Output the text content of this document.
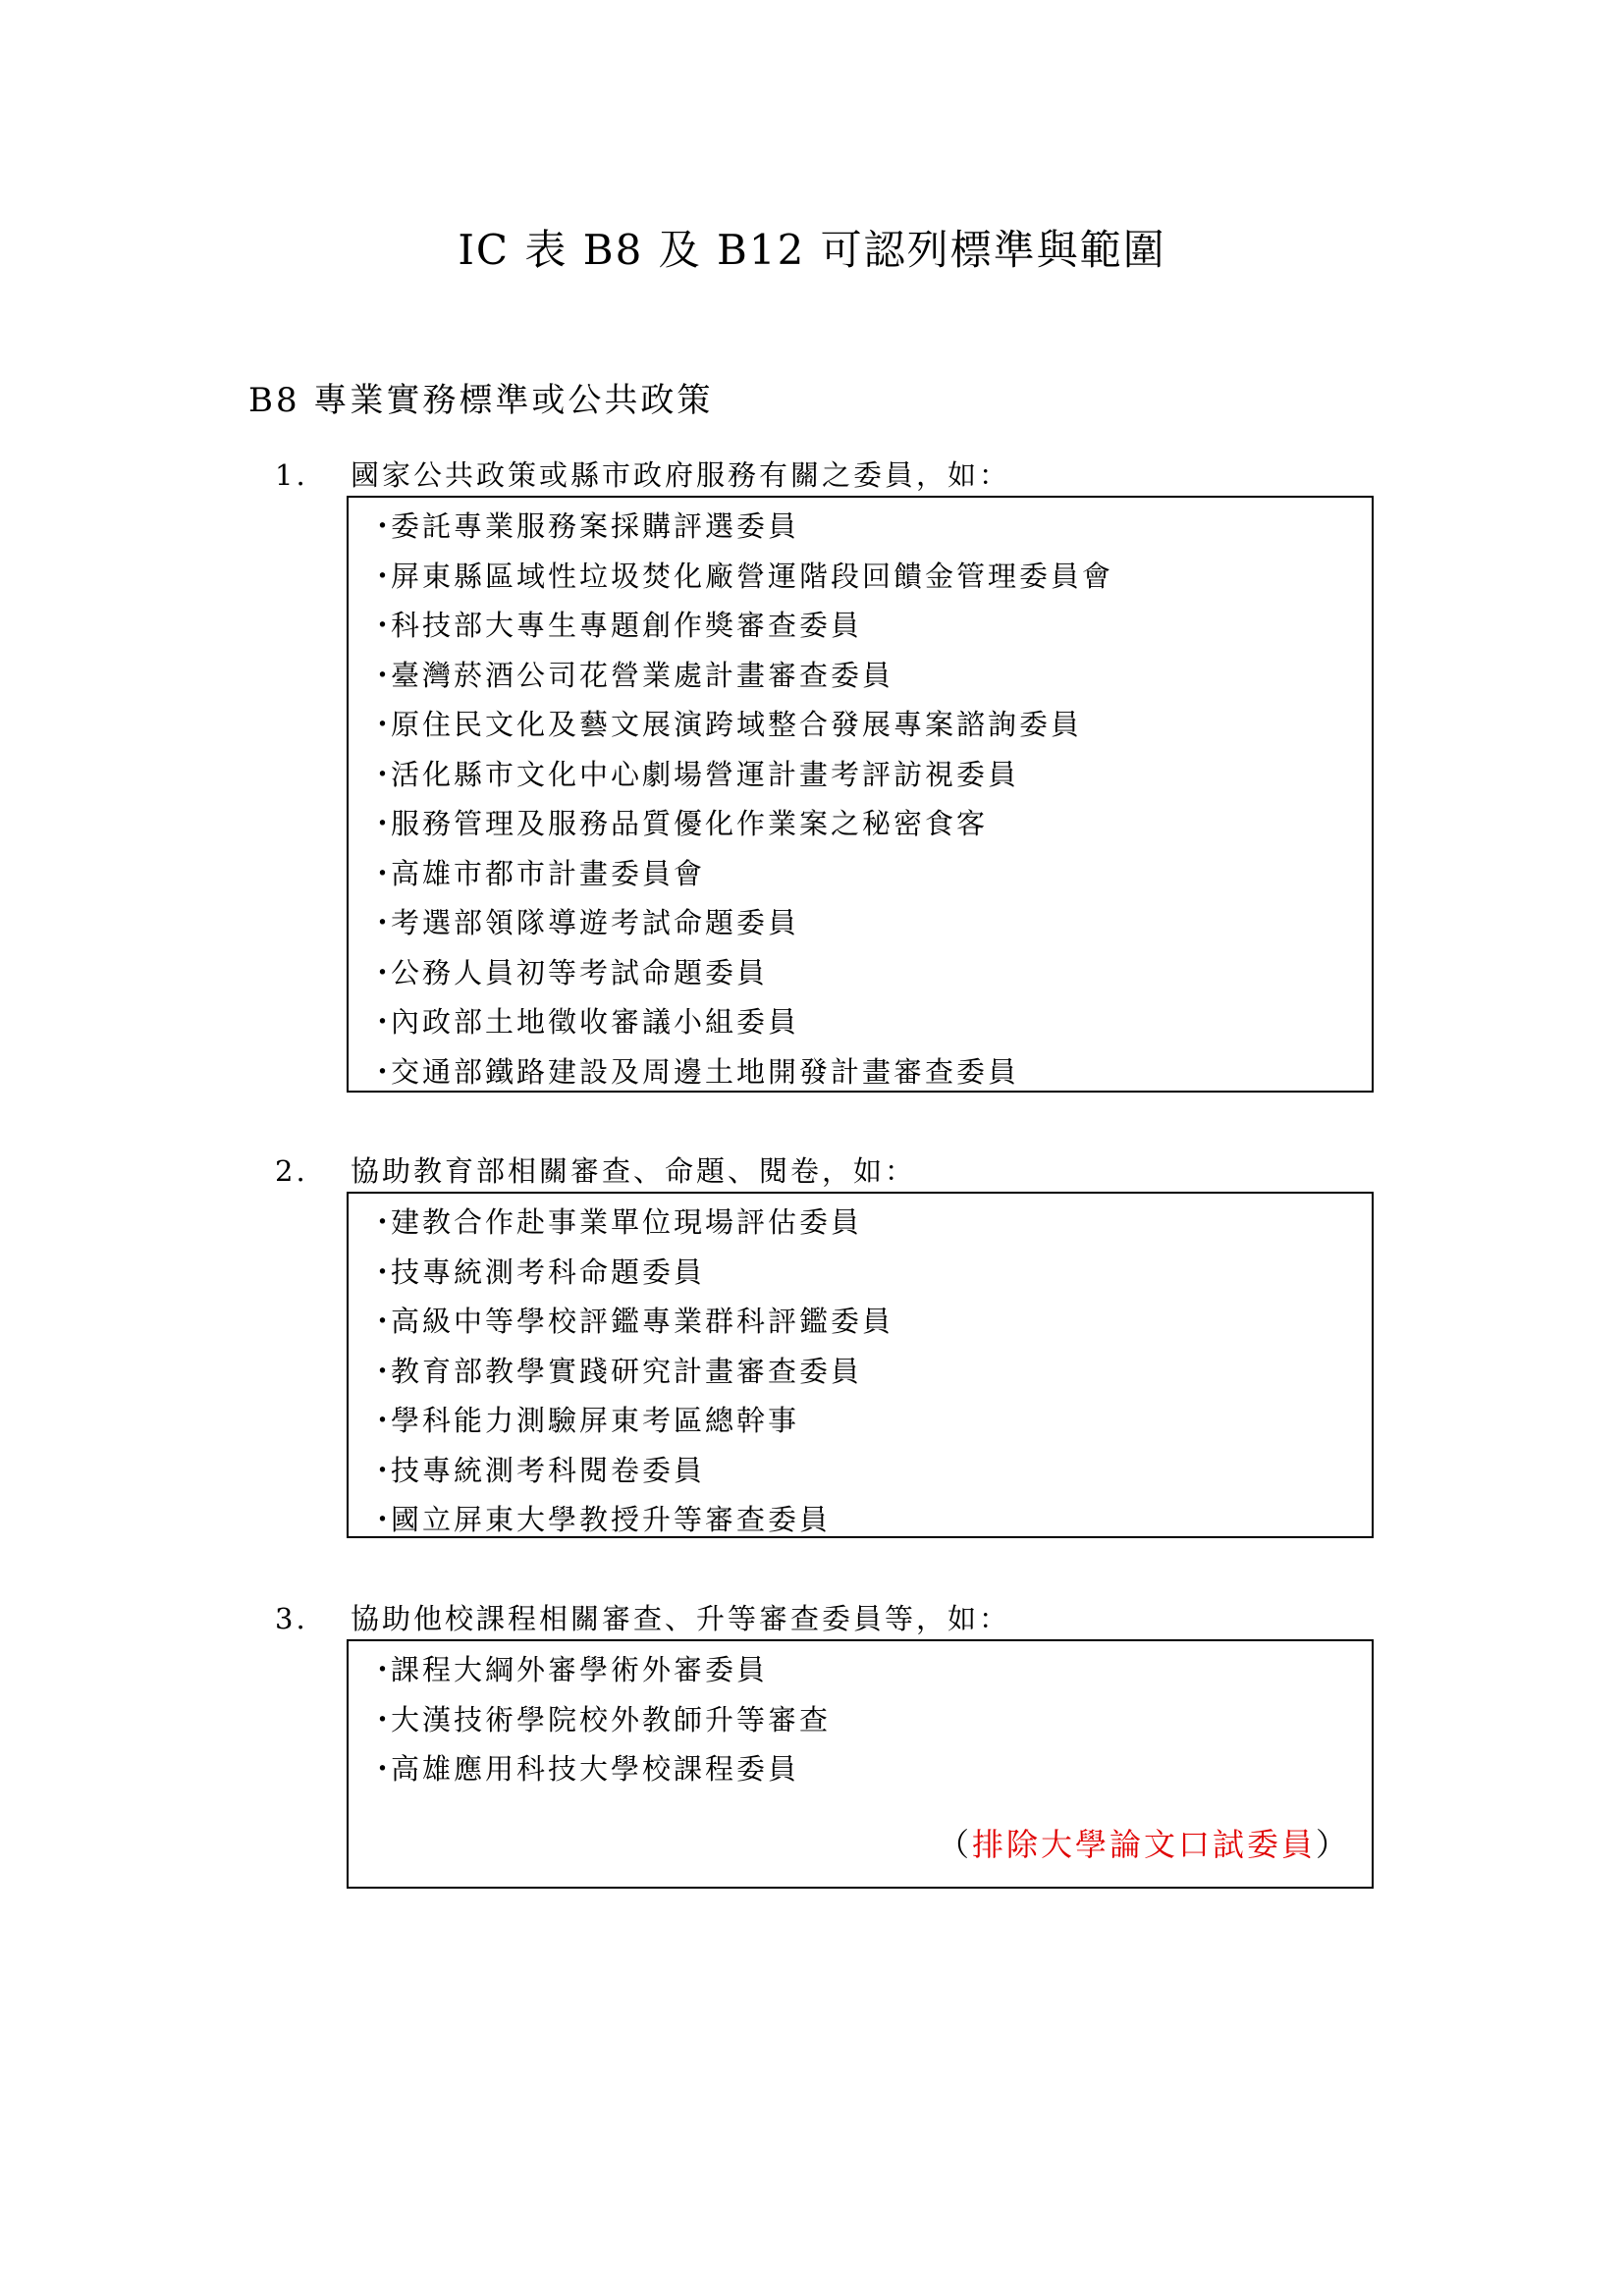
IC 表 B8 及 B12 可認列標準與範圍
B8 專業實務標準或公共政策
1.	國家公共政策或縣市政府服務有關之委員，如：
・委託專業服務案採購評選委員
・屏東縣區域性垃圾焚化廠營運階段回饋金管理委員會
・科技部大專生專題創作獎審查委員
・臺灣菸酒公司花營業處計畫審查委員
・原住民文化及藝文展演跨域整合發展專案諮詢委員
・活化縣市文化中心劇場營運計畫考評訪視委員
・服務管理及服務品質優化作業案之秘密食客
・高雄市都市計畫委員會
・考選部領隊導遊考試命題委員
・公務人員初等考試命題委員
・內政部土地徵收審議小組委員
・交通部鐵路建設及周邊土地開發計畫審查委員
2.	協助教育部相關審查、命題、閱卷，如：
・建教合作赴事業單位現場評估委員
・技專統測考科命題委員
・高級中等學校評鑑專業群科評鑑委員
・教育部教學實踐研究計畫審查委員
・學科能力測驗屏東考區總幹事
・技專統測考科閱卷委員
・國立屏東大學教授升等審查委員
3.	協助他校課程相關審查、升等審查委員等，如：
・課程大綱外審學術外審委員
・大漢技術學院校外教師升等審查
・高雄應用科技大學校課程委員
（排除大學論文口試委員）
